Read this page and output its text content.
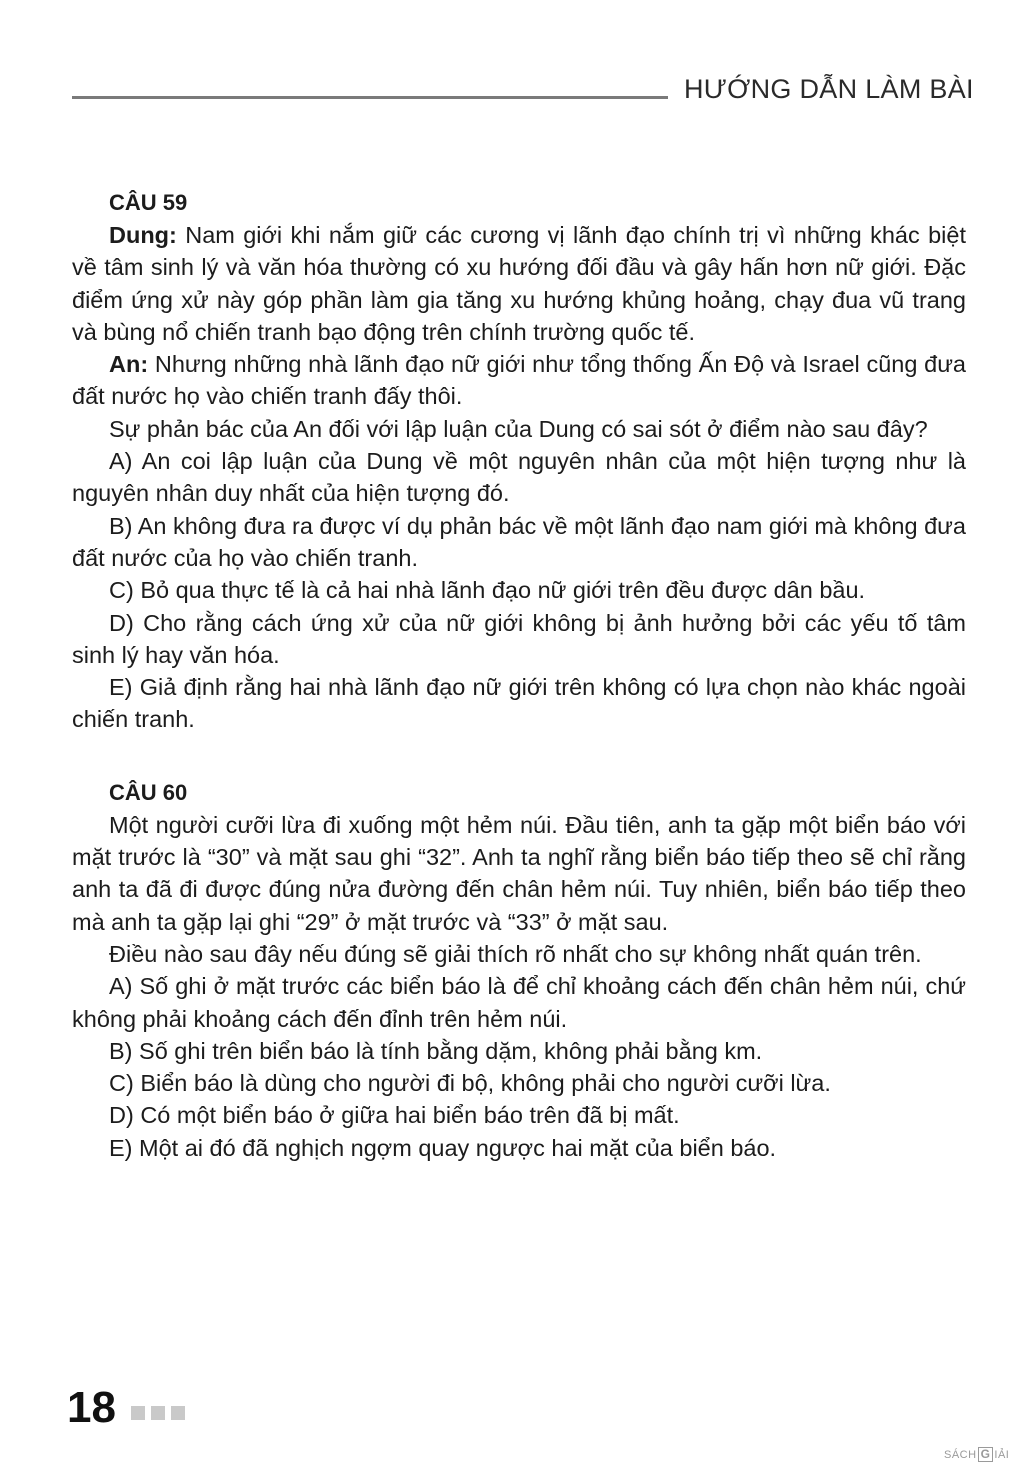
HƯỚNG DẪN LÀM BÀI
CÂU 59

Dung: Nam giới khi nắm giữ các cương vị lãnh đạo chính trị vì những khác biệt về tâm sinh lý và văn hóa thường có xu hướng đối đầu và gây hấn hơn nữ giới. Đặc điểm ứng xử này góp phần làm gia tăng xu hướng khủng hoảng, chạy đua vũ trang và bùng nổ chiến tranh bạo động trên chính trường quốc tế.

An: Nhưng những nhà lãnh đạo nữ giới như tổng thống Ấn Độ và Israel cũng đưa đất nước họ vào chiến tranh đấy thôi.

Sự phản bác của An đối với lập luận của Dung có sai sót ở điểm nào sau đây?

A) An coi lập luận của Dung về một nguyên nhân của một hiện tượng như là nguyên nhân duy nhất của hiện tượng đó.

B) An không đưa ra được ví dụ phản bác về một lãnh đạo nam giới mà không đưa đất nước của họ vào chiến tranh.

C) Bỏ qua thực tế là cả hai nhà lãnh đạo nữ giới trên đều được dân bầu.

D) Cho rằng cách ứng xử của nữ giới không bị ảnh hưởng bởi các yếu tố tâm sinh lý hay văn hóa.

E) Giả định rằng hai nhà lãnh đạo nữ giới trên không có lựa chọn nào khác ngoài chiến tranh.

CÂU 60

Một người cưỡi lừa đi xuống một hẻm núi. Đầu tiên, anh ta gặp một biển báo với mặt trước là “30” và mặt sau ghi “32”. Anh ta nghĩ rằng biển báo tiếp theo sẽ chỉ rằng anh ta đã đi được đúng nửa đường đến chân hẻm núi. Tuy nhiên, biển báo tiếp theo mà anh ta gặp lại ghi “29” ở mặt trước và “33” ở mặt sau.

Điều nào sau đây nếu đúng sẽ giải thích rõ nhất cho sự không nhất quán trên.

A) Số ghi ở mặt trước các biển báo là để chỉ khoảng cách đến chân hẻm núi, chứ không phải khoảng cách đến đỉnh trên hẻm núi.

B) Số ghi trên biển báo là tính bằng dặm, không phải bằng km.

C) Biển báo là dùng cho người đi bộ, không phải cho người cưỡi lừa.

D) Có một biển báo ở giữa hai biển báo trên đã bị mất.

E) Một ai đó đã nghịch ngợm quay ngược hai mặt của biển báo.

18
SÁCH G IẢI
